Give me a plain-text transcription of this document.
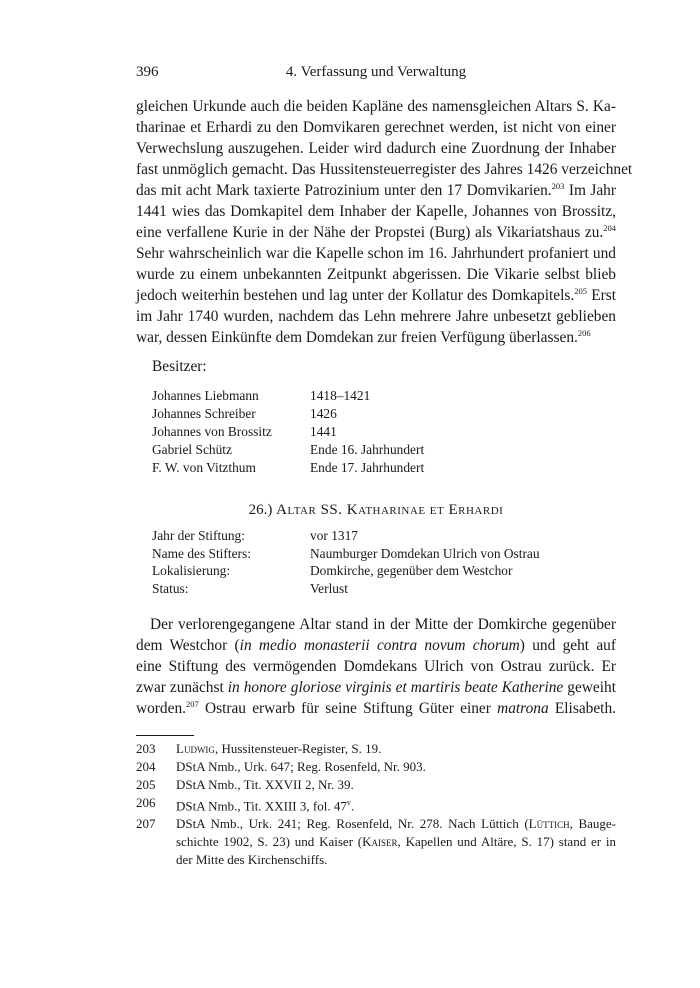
396	4. Verfassung und Verwaltung
gleichen Urkunde auch die beiden Kapläne des namensgleichen Altars S. Ka-
tharinae et Erhardi zu den Domvikaren gerechnet werden, ist nicht von einer
Verwechslung auszugehen. Leider wird dadurch eine Zuordnung der Inhaber
fast unmöglich gemacht. Das Hussitensteuerregister des Jahres 1426 verzeichnet
das mit acht Mark taxierte Patrozinium unter den 17 Domvikarien.$^{203}$ Im Jahr
1441 wies das Domkapitel dem Inhaber der Kapelle, Johannes von Brossitz,
eine verfallene Kurie in der Nähe der Propstei (Burg) als Vikariatshaus zu.$^{204}$
Sehr wahrscheinlich war die Kapelle schon im 16. Jahrhundert profaniert und
wurde zu einem unbekannten Zeitpunkt abgerissen. Die Vikarie selbst blieb
jedoch weiterhin bestehen und lag unter der Kollatur des Domkapitels.$^{205}$ Erst
im Jahr 1740 wurden, nachdem das Lehn mehrere Jahre unbesetzt geblieben
war, dessen Einkünfte dem Domdekan zur freien Verfügung überlassen.$^{206}$
Besitzer:
Johannes Liebmann	1418–1421
Johannes Schreiber	1426
Johannes von Brossitz	1441
Gabriel Schütz	Ende 16. Jahrhundert
F. W. von Vitzthum	Ende 17. Jahrhundert
26.) Altar SS. Katharinae et Erhardi
Jahr der Stiftung:	vor 1317
Name des Stifters:	Naumburger Domdekan Ulrich von Ostrau
Lokalisierung:	Domkirche, gegenüber dem Westchor
Status:	Verlust
Der verlorengegangene Altar stand in der Mitte der Domkirche gegenüber
dem Westchor (in medio monasterii contra novum chorum) und geht auf
eine Stiftung des vermögenden Domdekans Ulrich von Ostrau zurück. Er
zwar zunächst in honore gloriose virginis et martiris beate Katherine geweiht
worden.$^{207}$ Ostrau erwarb für seine Stiftung Güter einer matrona Elisabeth.
203	Ludwig, Hussitensteuer-Register, S. 19.
204	DStA Nmb., Urk. 647; Reg. Rosenfeld, Nr. 903.
205	DStA Nmb., Tit. XXVII 2, Nr. 39.
206	DStA Nmb., Tit. XXIII 3, fol. 47$^v$.
207	DStA Nmb., Urk. 241; Reg. Rosenfeld, Nr. 278. Nach Lüttich (Lüttich, Bauge-
schichte 1902, S. 23) und Kaiser (Kaiser, Kapellen und Altäre, S. 17) stand er in
der Mitte des Kirchenschiffs.
